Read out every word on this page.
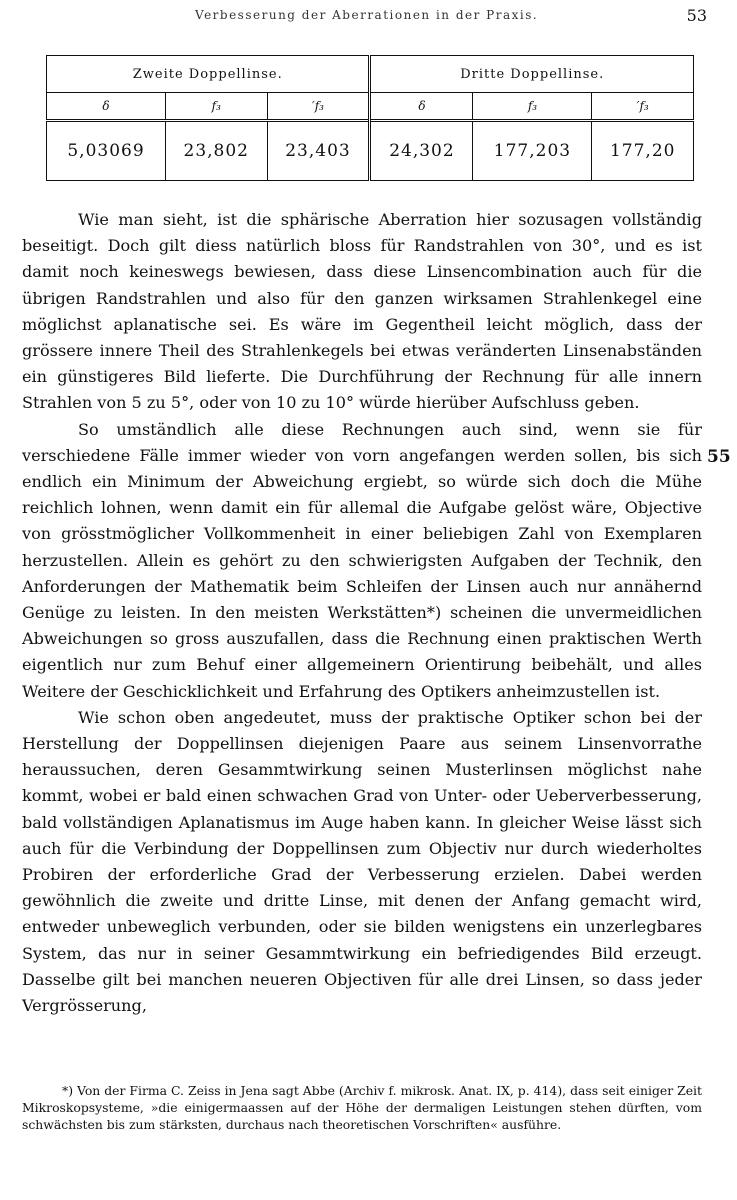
Verbesserung der Aberrationen in der Praxis.	53
Zweite Doppellinse.			Dritte Doppellinse.		
δ	f₃	′f₃	δ	f₃	′f₃
5,03069	23,802	23,403	24,302	177,203	177,20

Wie man sieht, ist die sphärische Aberration hier sozusagen vollständig beseitigt. Doch gilt diess natürlich bloss für Randstrahlen von 30°, und es ist damit noch keineswegs bewiesen, dass diese Linsencombination auch für die übrigen Randstrahlen und also für den ganzen wirksamen Strahlenkegel eine möglichst aplanatische sei. Es wäre im Gegentheil leicht möglich, dass der grössere innere Theil des Strahlenkegels bei etwas veränderten Linsenabständen ein günstigeres Bild lieferte. Die Durchführung der Rechnung für alle innern Strahlen von 5 zu 5°, oder von 10 zu 10° würde hierüber Aufschluss geben.

So umständlich alle diese Rechnungen auch sind, wenn sie für verschiedene Fälle immer wieder von vorn angefangen werden sollen, bis sich endlich ein Minimum der Abweichung ergiebt, so würde sich doch die Mühe reichlich lohnen, wenn damit ein für allemal die Aufgabe gelöst wäre, Objective von grösstmöglicher Vollkommenheit in einer beliebigen Zahl von Exemplaren herzustellen. Allein es gehört zu den schwierigsten Aufgaben der Technik, den Anforderungen der Mathematik beim Schleifen der Linsen auch nur annähernd Genüge zu leisten. In den meisten Werkstätten*) scheinen die unvermeidlichen Abweichungen so gross auszufallen, dass die Rechnung einen praktischen Werth eigentlich nur zum Behuf einer allgemeinern Orientirung beibehält, und alles Weitere der Geschicklichkeit und Erfahrung des Optikers anheimzustellen ist.

Wie schon oben angedeutet, muss der praktische Optiker schon bei der Herstellung der Doppellinsen diejenigen Paare aus seinem Linsenvorrathe heraussuchen, deren Gesammtwirkung seinen Musterlinsen möglichst nahe kommt, wobei er bald einen schwachen Grad von Unter- oder Ueberverbesserung, bald vollständigen Aplanatismus im Auge haben kann. In gleicher Weise lässt sich auch für die Verbindung der Doppellinsen zum Objectiv nur durch wiederholtes Probiren der erforderliche Grad der Verbesserung erzielen. Dabei werden gewöhnlich die zweite und dritte Linse, mit denen der Anfang gemacht wird, entweder unbeweglich verbunden, oder sie bilden wenigstens ein unzerlegbares System, das nur in seiner Gesammtwirkung ein befriedigendes Bild erzeugt. Dasselbe gilt bei manchen neueren Objectiven für alle drei Linsen, so dass jeder Vergrösserung,

55
*) Von der Firma C. Zeiss in Jena sagt Abbe (Archiv f. mikrosk. Anat. IX, p. 414), dass seit einiger Zeit Mikroskopsysteme, »die einigermaassen auf der Höhe der dermaligen Leistungen stehen dürften, vom schwächsten bis zum stärksten, durchaus nach theoretischen Vorschriften« ausführe.
